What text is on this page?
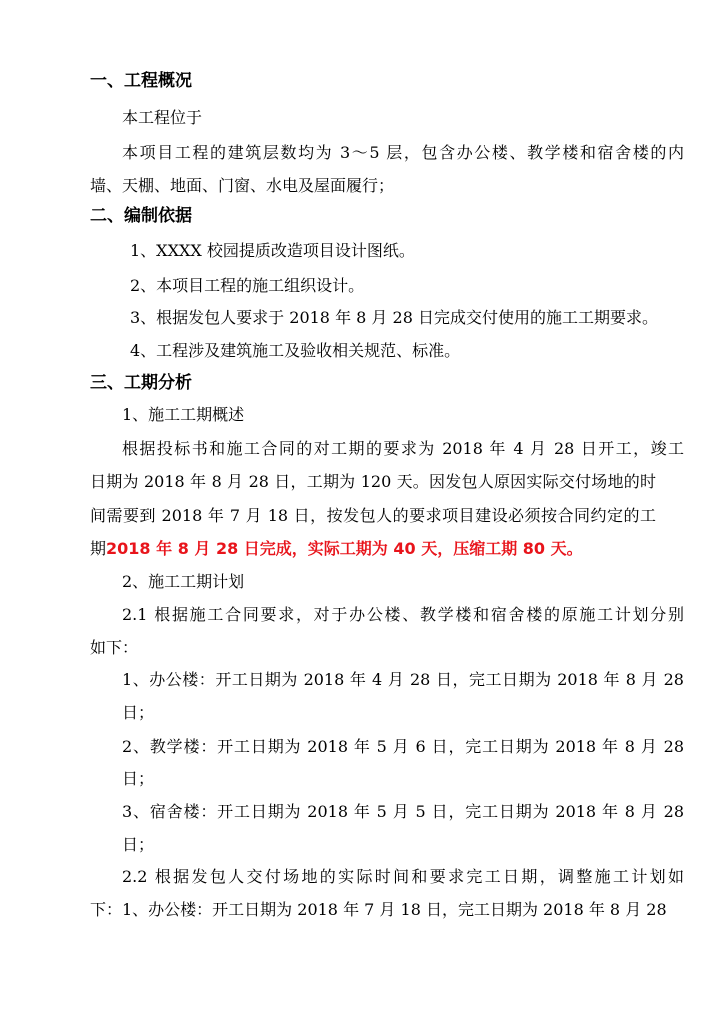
一、工程概况
本工程位于
本项目工程的建筑层数均为 3～5 层，包含办公楼、教学楼和宿舍楼的内
墙、天棚、地面、门窗、水电及屋面履行；
二、编制依据
1、XXXX 校园提质改造项目设计图纸。
2、本项目工程的施工组织设计。
3、根据发包人要求于 2018 年 8 月 28 日完成交付使用的施工工期要求。
4、工程涉及建筑施工及验收相关规范、标准。
三、工期分析
1、施工工期概述
根据投标书和施工合同的对工期的要求为 2018 年 4 月 28 日开工，竣工
日期为 2018 年 8 月 28 日，工期为 120 天。因发包人原因实际交付场地的时
间需要到 2018 年 7 月 18 日，按发包人的要求项目建设必须按合同约定的工
期2018 年 8 月 28 日完成，实际工期为 40 天，压缩工期 80 天。
2、施工工期计划
2.1 根据施工合同要求，对于办公楼、教学楼和宿舍楼的原施工计划分别
如下：
1、办公楼：开工日期为 2018 年 4 月 28 日，完工日期为 2018 年 8 月 28
日；
2、教学楼：开工日期为 2018 年 5 月 6 日，完工日期为 2018 年 8 月 28
日；
3、宿舍楼：开工日期为 2018 年 5 月 5 日，完工日期为 2018 年 8 月 28
日；
2.2 根据发包人交付场地的实际时间和要求完工日期，调整施工计划如
下：1、办公楼：开工日期为 2018 年 7 月 18 日，完工日期为 2018 年 8 月 28
